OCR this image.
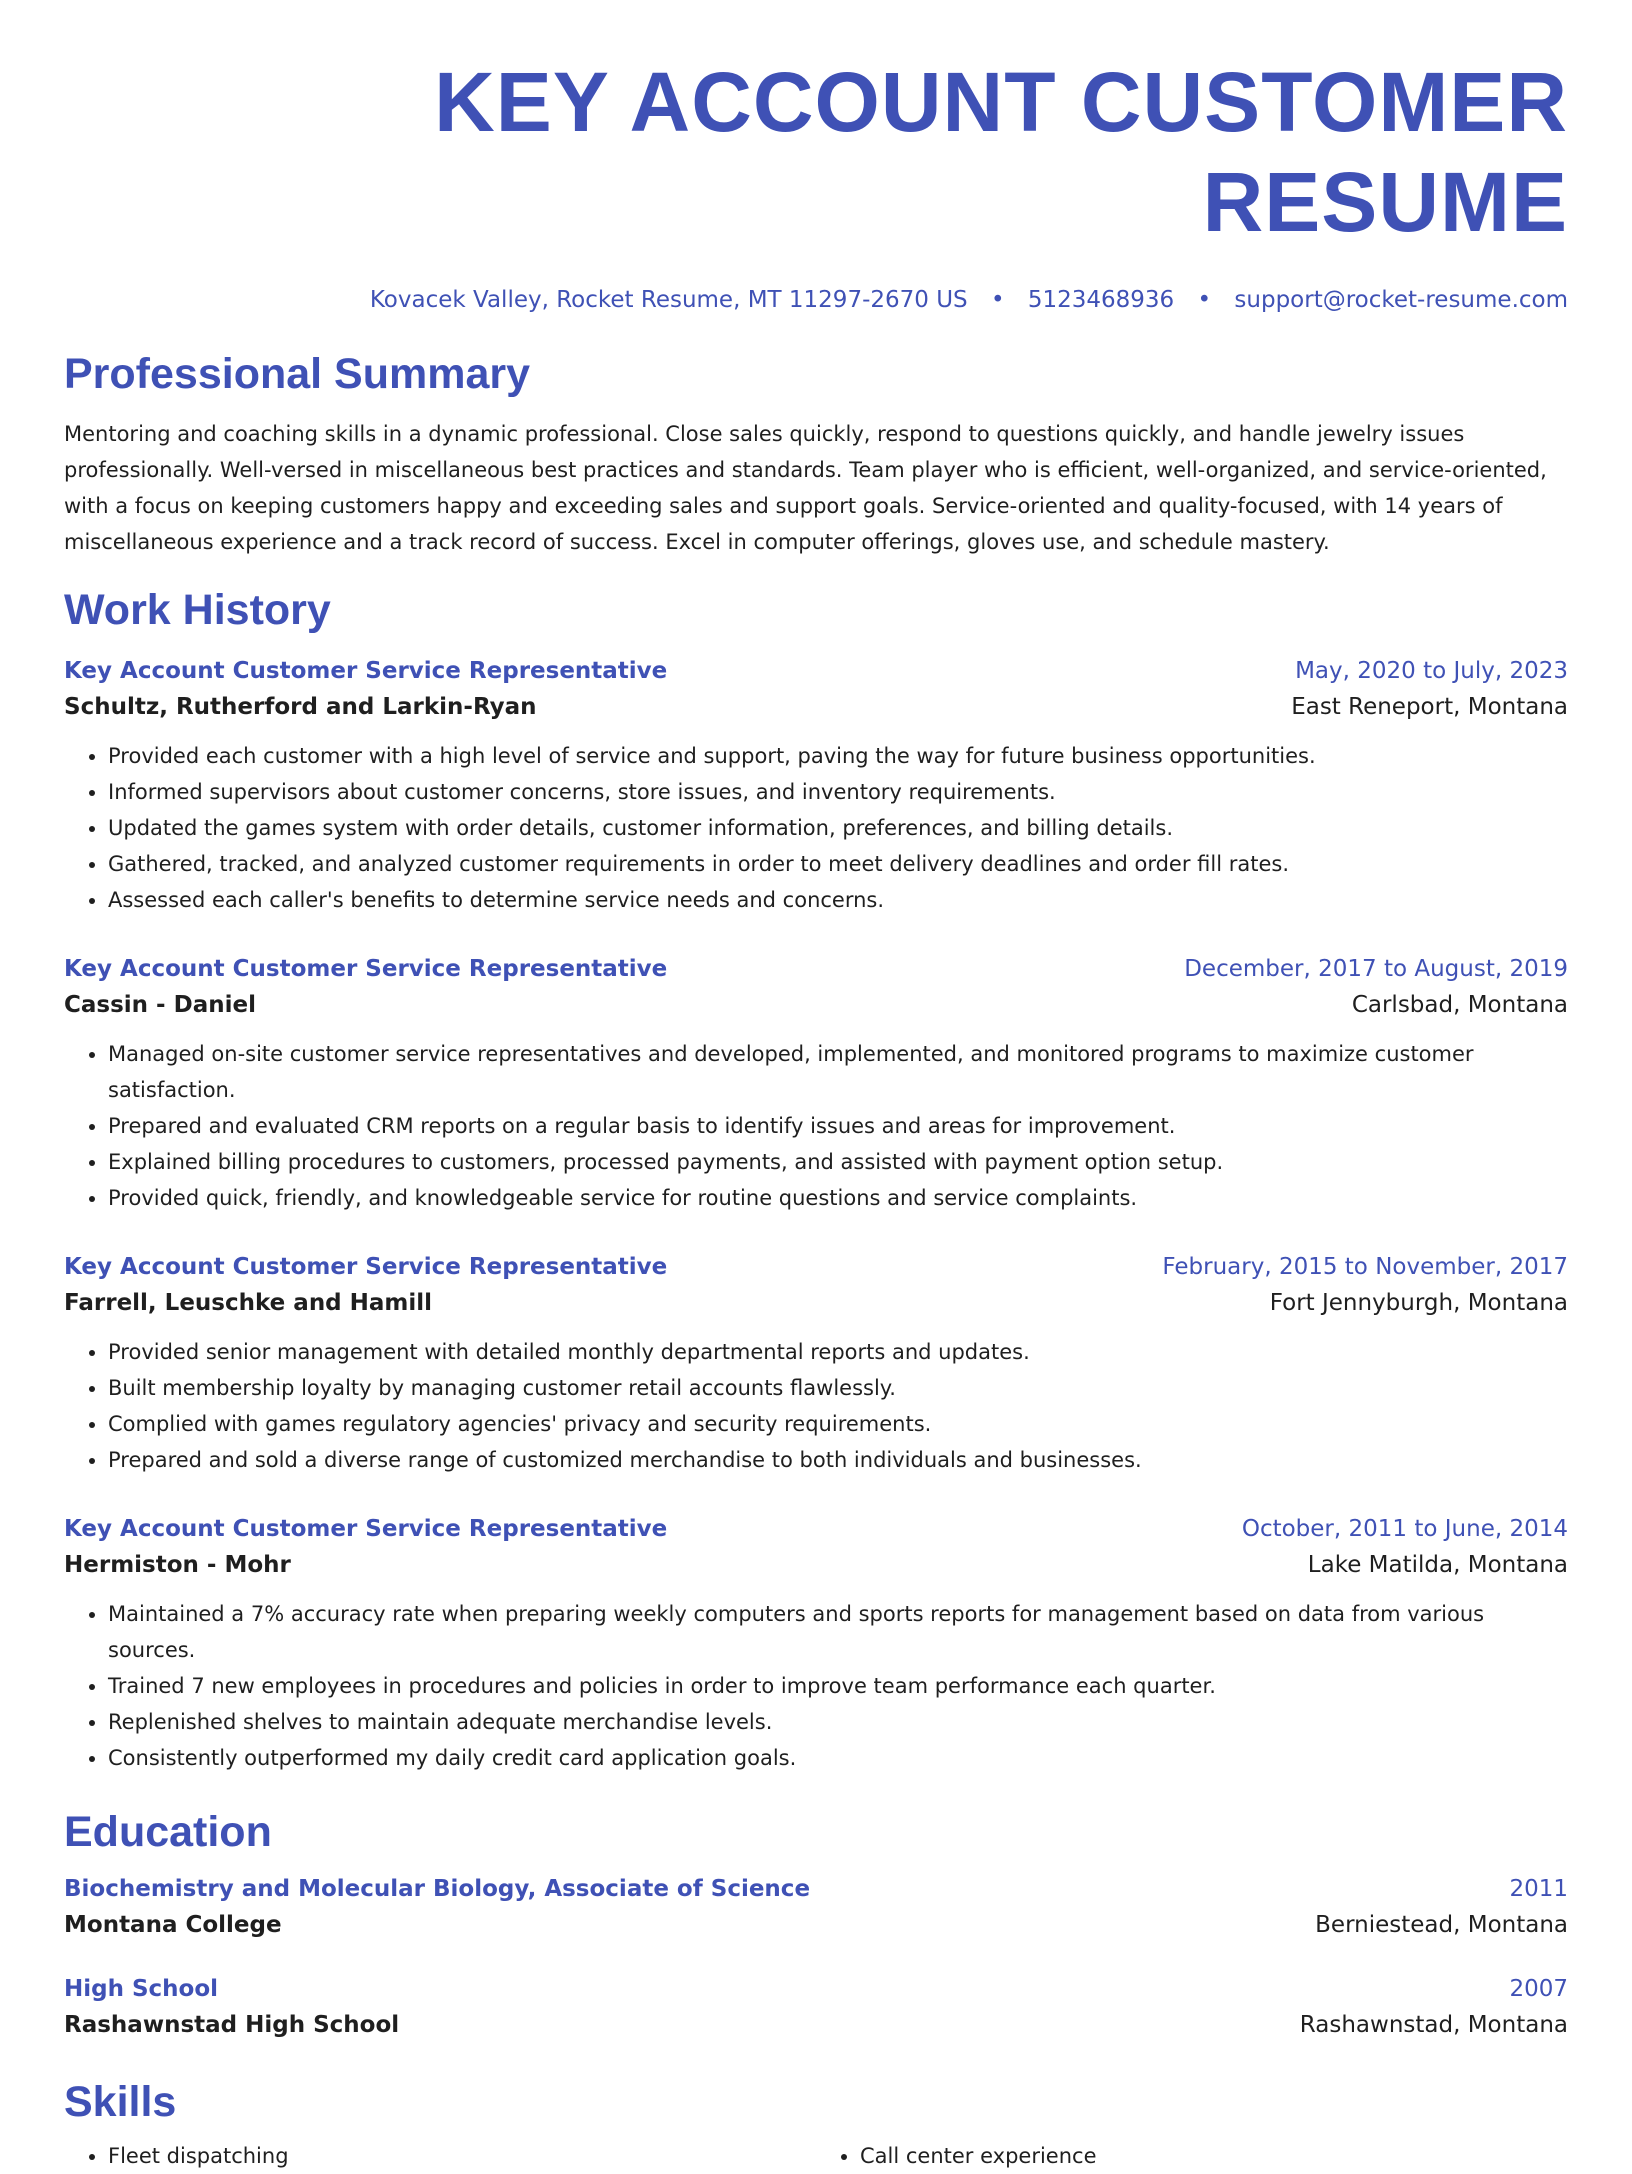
KEY ACCOUNT CUSTOMER RESUME
Kovacek Valley, Rocket Resume, MT 11297-2670 US • 5123468936 • support@rocket-resume.com
Professional Summary

Mentoring and coaching skills in a dynamic professional. Close sales quickly, respond to questions quickly, and handle jewelry issues professionally. Well-versed in miscellaneous best practices and standards. Team player who is efficient, well-organized, and service-oriented, with a focus on keeping customers happy and exceeding sales and support goals. Service-oriented and quality-focused, with 14 years of miscellaneous experience and a track record of success. Excel in computer offerings, gloves use, and schedule mastery.

Work History
Key Account Customer Service Representative	May, 2020 to July, 2023
Schultz, Rutherford and Larkin-Ryan	East Reneport, Montana
• Provided each customer with a high level of service and support, paving the way for future business opportunities.
• Informed supervisors about customer concerns, store issues, and inventory requirements.
• Updated the games system with order details, customer information, preferences, and billing details.
• Gathered, tracked, and analyzed customer requirements in order to meet delivery deadlines and order fill rates.
• Assessed each caller's benefits to determine service needs and concerns.
Key Account Customer Service Representative	December, 2017 to August, 2019
Cassin - Daniel	Carlsbad, Montana
• Managed on-site customer service representatives and developed, implemented, and monitored programs to maximize customer satisfaction.
• Prepared and evaluated CRM reports on a regular basis to identify issues and areas for improvement.
• Explained billing procedures to customers, processed payments, and assisted with payment option setup.
• Provided quick, friendly, and knowledgeable service for routine questions and service complaints.
Key Account Customer Service Representative	February, 2015 to November, 2017
Farrell, Leuschke and Hamill	Fort Jennyburgh, Montana
• Provided senior management with detailed monthly departmental reports and updates.
• Built membership loyalty by managing customer retail accounts flawlessly.
• Complied with games regulatory agencies' privacy and security requirements.
• Prepared and sold a diverse range of customized merchandise to both individuals and businesses.
Key Account Customer Service Representative	October, 2011 to June, 2014
Hermiston - Mohr	Lake Matilda, Montana
• Maintained a 7% accuracy rate when preparing weekly computers and sports reports for management based on data from various sources.
• Trained 7 new employees in procedures and policies in order to improve team performance each quarter.
• Replenished shelves to maintain adequate merchandise levels.
• Consistently outperformed my daily credit card application goals.
Education
Biochemistry and Molecular Biology, Associate of Science	2011
Montana College	Berniestead, Montana
High School	2007
Rashawnstad High School	Rashawnstad, Montana
Skills
• Fleet dispatching
•	Call center experience
